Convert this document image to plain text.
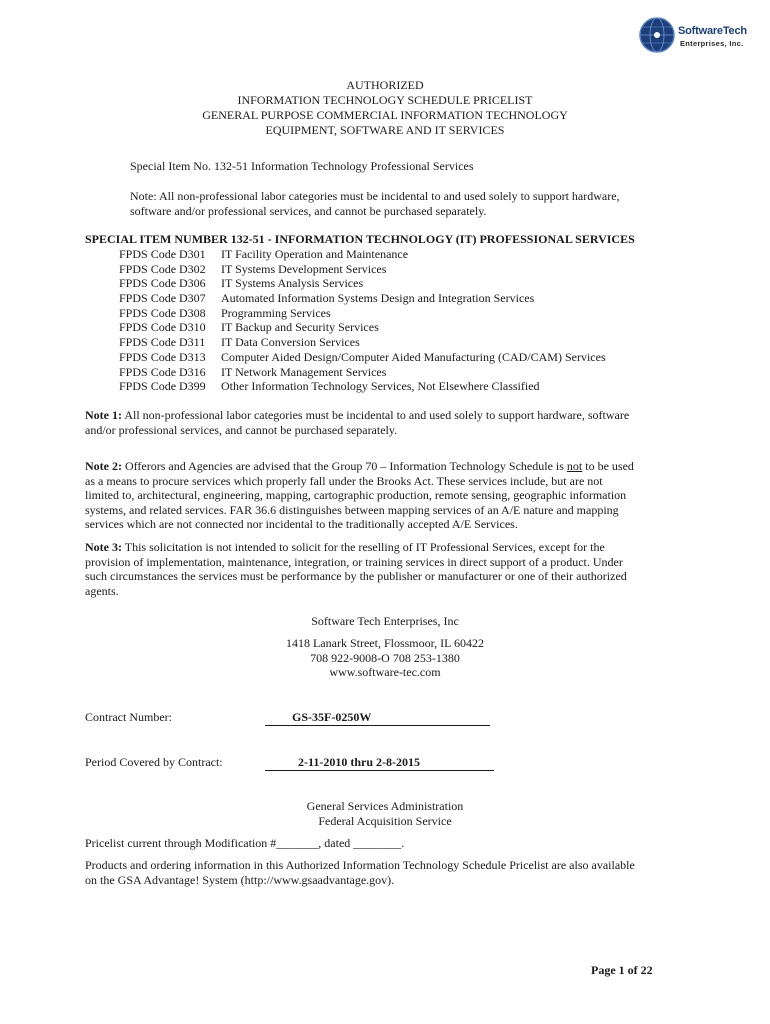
SoftwareTech
Enterprises, Inc.
AUTHORIZED
INFORMATION TECHNOLOGY SCHEDULE PRICELIST
GENERAL PURPOSE COMMERCIAL INFORMATION TECHNOLOGY
EQUIPMENT, SOFTWARE AND IT SERVICES
Special Item No. 132-51 Information Technology Professional Services
Note: All non-professional labor categories must be incidental to and used solely to support hardware,
software and/or professional services, and cannot be purchased separately.
SPECIAL ITEM NUMBER 132-51 - INFORMATION TECHNOLOGY (IT) PROFESSIONAL SERVICES
FPDS Code D301	IT Facility Operation and Maintenance
FPDS Code D302	IT Systems Development Services
FPDS Code D306	IT Systems Analysis Services
FPDS Code D307	Automated Information Systems Design and Integration Services
FPDS Code D308	Programming Services
FPDS Code D310	IT Backup and Security Services
FPDS Code D311	IT Data Conversion Services
FPDS Code D313	Computer Aided Design/Computer Aided Manufacturing (CAD/CAM) Services
FPDS Code D316	IT Network Management Services
FPDS Code D399	Other Information Technology Services, Not Elsewhere Classified
Note 1: All non-professional labor categories must be incidental to and used solely to support hardware, software
and/or professional services, and cannot be purchased separately.
Note 2: Offerors and Agencies are advised that the Group 70 – Information Technology Schedule is not to be used
as a means to procure services which properly fall under the Brooks Act. These services include, but are not
limited to, architectural, engineering, mapping, cartographic production, remote sensing, geographic information
systems, and related services. FAR 36.6 distinguishes between mapping services of an A/E nature and mapping
services which are not connected nor incidental to the traditionally accepted A/E Services.
Note 3: This solicitation is not intended to solicit for the reselling of IT Professional Services, except for the
provision of implementation, maintenance, integration, or training services in direct support of a product. Under
such circumstances the services must be performance by the publisher or manufacturer or one of their authorized
agents.
Software Tech Enterprises, Inc
1418 Lanark Street, Flossmoor, IL 60422
708 922-9008-O 708 253-1380
www.software-tec.com
Contract Number:	GS-35F-0250W
Period Covered by Contract:	2-11-2010 thru 2-8-2015
General Services Administration
Federal Acquisition Service
Pricelist current through Modification #_______, dated ________.
Products and ordering information in this Authorized Information Technology Schedule Pricelist are also available
on the GSA Advantage! System (http://www.gsaadvantage.gov).
Page 1 of 22
